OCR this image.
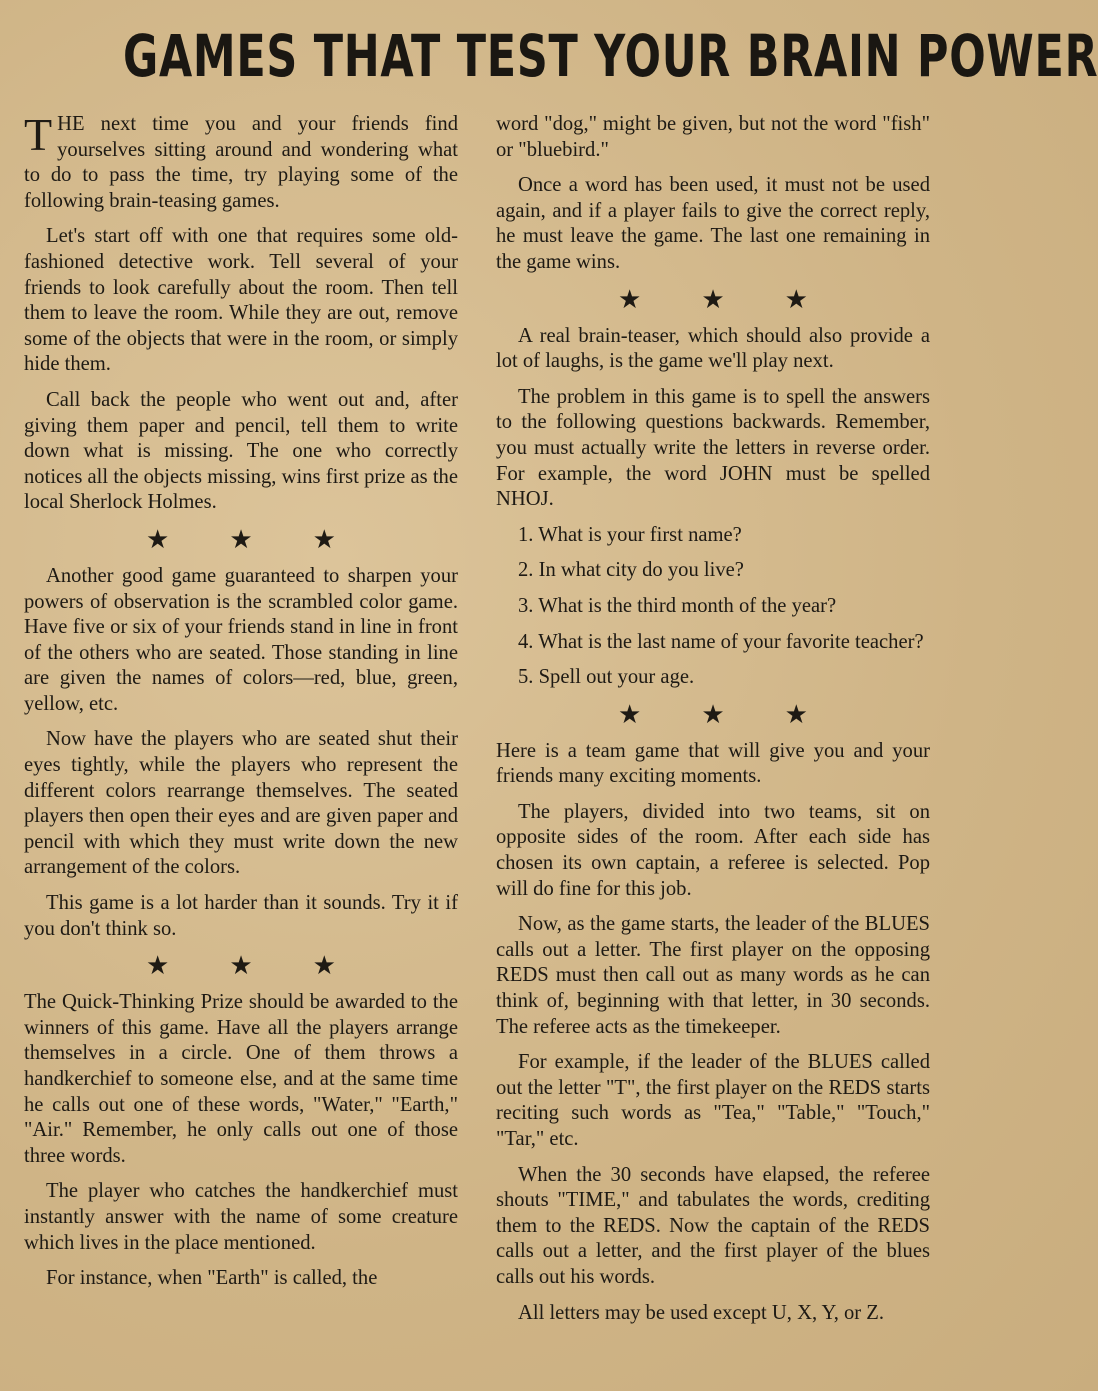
GAMES THAT TEST YOUR BRAIN POWER

THE next time you and your friends find yourselves sitting around and wondering what to do to pass the time, try playing some of the following brain-teasing games.

Let's start off with one that requires some old-fashioned detective work. Tell several of your friends to look carefully about the room. Then tell them to leave the room. While they are out, remove some of the objects that were in the room, or simply hide them.

Call back the people who went out and, after giving them paper and pencil, tell them to write down what is missing. The one who correctly notices all the objects missing, wins first prize as the local Sherlock Holmes.

★ ★ ★

Another good game guaranteed to sharpen your powers of observation is the scrambled color game. Have five or six of your friends stand in line in front of the others who are seated. Those standing in line are given the names of colors—red, blue, green, yellow, etc.

Now have the players who are seated shut their eyes tightly, while the players who represent the different colors rearrange themselves. The seated players then open their eyes and are given paper and pencil with which they must write down the new arrangement of the colors.

This game is a lot harder than it sounds. Try it if you don't think so.

★ ★ ★

The Quick-Thinking Prize should be awarded to the winners of this game. Have all the players arrange themselves in a circle. One of them throws a handkerchief to someone else, and at the same time he calls out one of these words, "Water," "Earth," "Air." Remember, he only calls out one of those three words.

The player who catches the handkerchief must instantly answer with the name of some creature which lives in the place mentioned.

For instance, when "Earth" is called, the

word "dog," might be given, but not the word "fish" or "bluebird."

Once a word has been used, it must not be used again, and if a player fails to give the correct reply, he must leave the game. The last one remaining in the game wins.

★ ★ ★

A real brain-teaser, which should also provide a lot of laughs, is the game we'll play next.

The problem in this game is to spell the answers to the following questions backwards. Remember, you must actually write the letters in reverse order. For example, the word JOHN must be spelled NHOJ.

1. What is your first name?

2. In what city do you live?

3. What is the third month of the year?

4. What is the last name of your favorite teacher?

5. Spell out your age.

★ ★ ★

Here is a team game that will give you and your friends many exciting moments.

The players, divided into two teams, sit on opposite sides of the room. After each side has chosen its own captain, a referee is selected. Pop will do fine for this job.

Now, as the game starts, the leader of the BLUES calls out a letter. The first player on the opposing REDS must then call out as many words as he can think of, beginning with that letter, in 30 seconds. The referee acts as the timekeeper.

For example, if the leader of the BLUES called out the letter "T", the first player on the REDS starts reciting such words as "Tea," "Table," "Touch," "Tar," etc.

When the 30 seconds have elapsed, the referee shouts "TIME," and tabulates the words, crediting them to the REDS. Now the captain of the REDS calls out a letter, and the first player of the blues calls out his words.

All letters may be used except U, X, Y, or Z.
